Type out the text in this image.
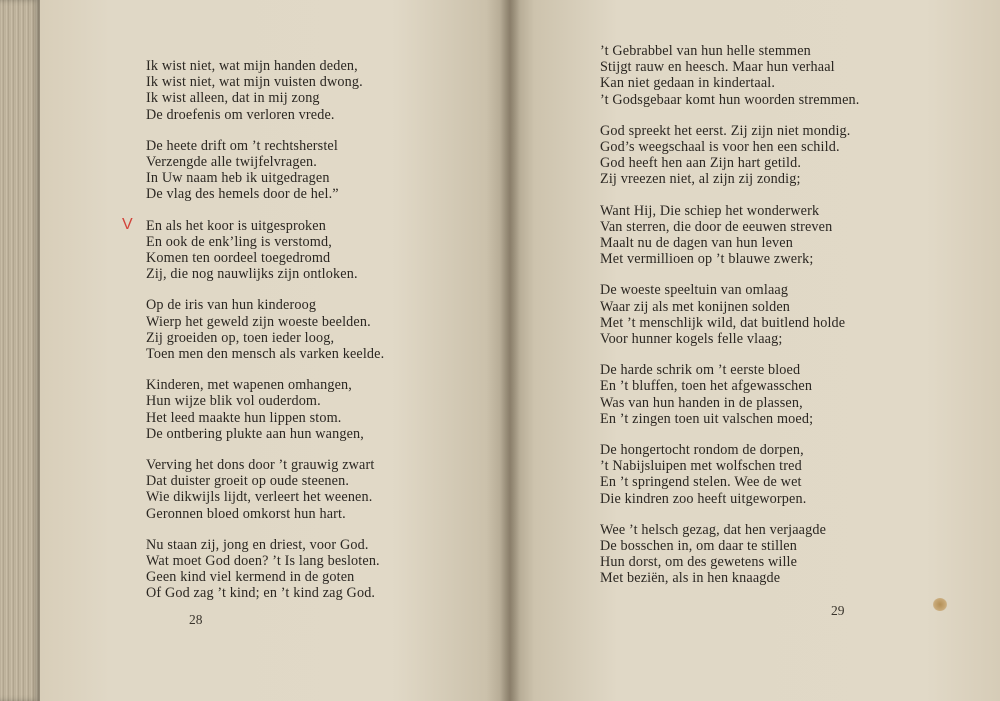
Ik wist niet, wat mijn handen deden,
Ik wist niet, wat mijn vuisten dwong.
Ik wist alleen, dat in mij zong
De droefenis om verloren vrede.
De heete drift om ’t rechtsherstel
Verzengde alle twijfelvragen.
In Uw naam heb ik uitgedragen
De vlag des hemels door de hel.”
V En als het koor is uitgesproken
En ook de enk’ling is verstomd,
Komen ten oordeel toegedromd
Zij, die nog nauwlijks zijn ontloken.
Op de iris van hun kinderoog
Wierp het geweld zijn woeste beelden.
Zij groeiden op, toen ieder loog,
Toen men den mensch als varken keelde.
Kinderen, met wapenen omhangen,
Hun wijze blik vol ouderdom.
Het leed maakte hun lippen stom.
De ontbering plukte aan hun wangen,
Verving het dons door ’t grauwig zwart
Dat duister groeit op oude steenen.
Wie dikwijls lijdt, verleert het weenen.
Geronnen bloed omkorst hun hart.
Nu staan zij, jong en driest, voor God.
Wat moet God doen? ’t Is lang besloten.
Geen kind viel kermend in de goten
Of God zag ’t kind; en ’t kind zag God.
’t Gebrabbel van hun helle stemmen
Stijgt rauw en heesch. Maar hun verhaal
Kan niet gedaan in kindertaal.
’t Godsgebaar komt hun woorden stremmen.
God spreekt het eerst. Zij zijn niet mondig.
God’s weegschaal is voor hen een schild.
God heeft hen aan Zijn hart getild.
Zij vreezen niet, al zijn zij zondig;
Want Hij, Die schiep het wonderwerk
Van sterren, die door de eeuwen streven
Maalt nu de dagen van hun leven
Met vermillioen op ’t blauwe zwerk;
De woeste speeltuin van omlaag
Waar zij als met konijnen solden
Met ’t menschlijk wild, dat buitlend holde
Voor hunner kogels felle vlaag;
De harde schrik om ’t eerste bloed
En ’t bluffen, toen het afgewasschen
Was van hun handen in de plassen,
En ’t zingen toen uit valschen moed;
De hongertocht rondom de dorpen,
’t Nabijsluipen met wolfschen tred
En ’t springend stelen. Wee de wet
Die kindren zoo heeft uitgeworpen.
Wee ’t helsch gezag, dat hen verjaagde
De bosschen in, om daar te stillen
Hun dorst, om des gewetens wille
Met beziën, als in hen knaagde
28
29
